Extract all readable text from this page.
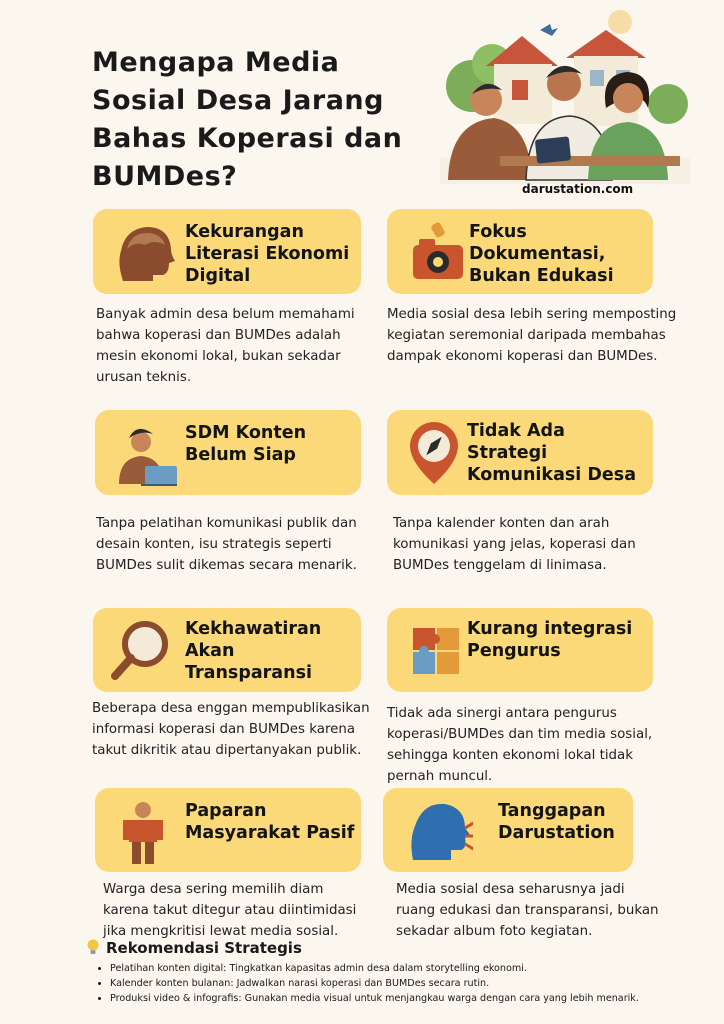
Mengapa Media Sosial Desa Jarang Bahas Koperasi dan BUMDes?	darustation.com
Kekurangan Literasi Ekonomi Digital

Banyak admin desa belum memahami bahwa koperasi dan BUMDes adalah mesin ekonomi lokal, bukan sekadar urusan teknis.

Fokus Dokumentasi, Bukan Edukasi

Media sosial desa lebih sering memposting kegiatan seremonial daripada membahas dampak ekonomi koperasi dan BUMDes.

SDM Konten Belum Siap

Tanpa pelatihan komunikasi publik dan desain konten, isu strategis seperti BUMDes sulit dikemas secara menarik.

Tidak Ada Strategi Komunikasi Desa

Tanpa kalender konten dan arah komunikasi yang jelas, koperasi dan BUMDes tenggelam di linimasa.

Kekhawatiran Akan Transparansi

Beberapa desa enggan mempublikasikan informasi koperasi dan BUMDes karena takut dikritik atau dipertanyakan publik.

Kurang integrasi Pengurus

Tidak ada sinergi antara pengurus koperasi/BUMDes dan tim media sosial, sehingga konten ekonomi lokal tidak pernah muncul.

Paparan Masyarakat Pasif

Warga desa sering memilih diam karena takut ditegur atau diintimidasi jika mengkritisi lewat media sosial.

Tanggapan Darustation

Media sosial desa seharusnya jadi ruang edukasi dan transparansi, bukan sekadar album foto kegiatan.

Rekomendasi Strategis
• Pelatihan konten digital: Tingkatkan kapasitas admin desa dalam storytelling ekonomi.
• Kalender konten bulanan: Jadwalkan narasi koperasi dan BUMDes secara rutin.
• Produksi video & infografis: Gunakan media visual untuk menjangkau warga dengan cara yang lebih menarik.
